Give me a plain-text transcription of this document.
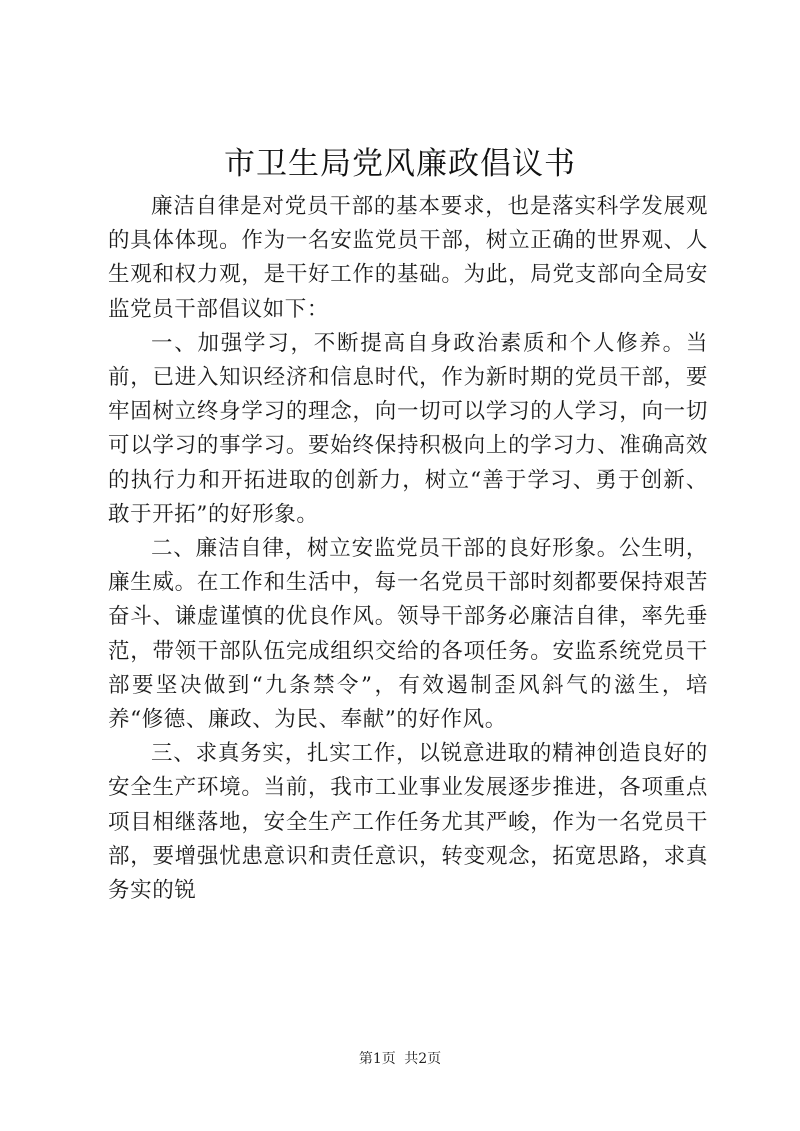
市卫生局党风廉政倡议书

廉洁自律是对党员干部的基本要求，也是落实科学发展观的具体体现。作为一名安监党员干部，树立正确的世界观、人生观和权力观，是干好工作的基础。为此，局党支部向全局安监党员干部倡议如下：

一、加强学习，不断提高自身政治素质和个人修养。当前，已进入知识经济和信息时代，作为新时期的党员干部，要牢固树立终身学习的理念，向一切可以学习的人学习，向一切可以学习的事学习。要始终保持积极向上的学习力、准确高效的执行力和开拓进取的创新力，树立“善于学习、勇于创新、敢于开拓”的好形象。

二、廉洁自律，树立安监党员干部的良好形象。公生明，廉生威。在工作和生活中，每一名党员干部时刻都要保持艰苦奋斗、谦虚谨慎的优良作风。领导干部务必廉洁自律，率先垂范，带领干部队伍完成组织交给的各项任务。安监系统党员干部要坚决做到“九条禁令”，有效遏制歪风斜气的滋生，培养“修德、廉政、为民、奉献”的好作风。

三、求真务实，扎实工作，以锐意进取的精神创造良好的安全生产环境。当前，我市工业事业发展逐步推进，各项重点项目相继落地，安全生产工作任务尤其严峻，作为一名党员干部，要增强忧患意识和责任意识，转变观念，拓宽思路，求真务实的锐

第1页 共2页
